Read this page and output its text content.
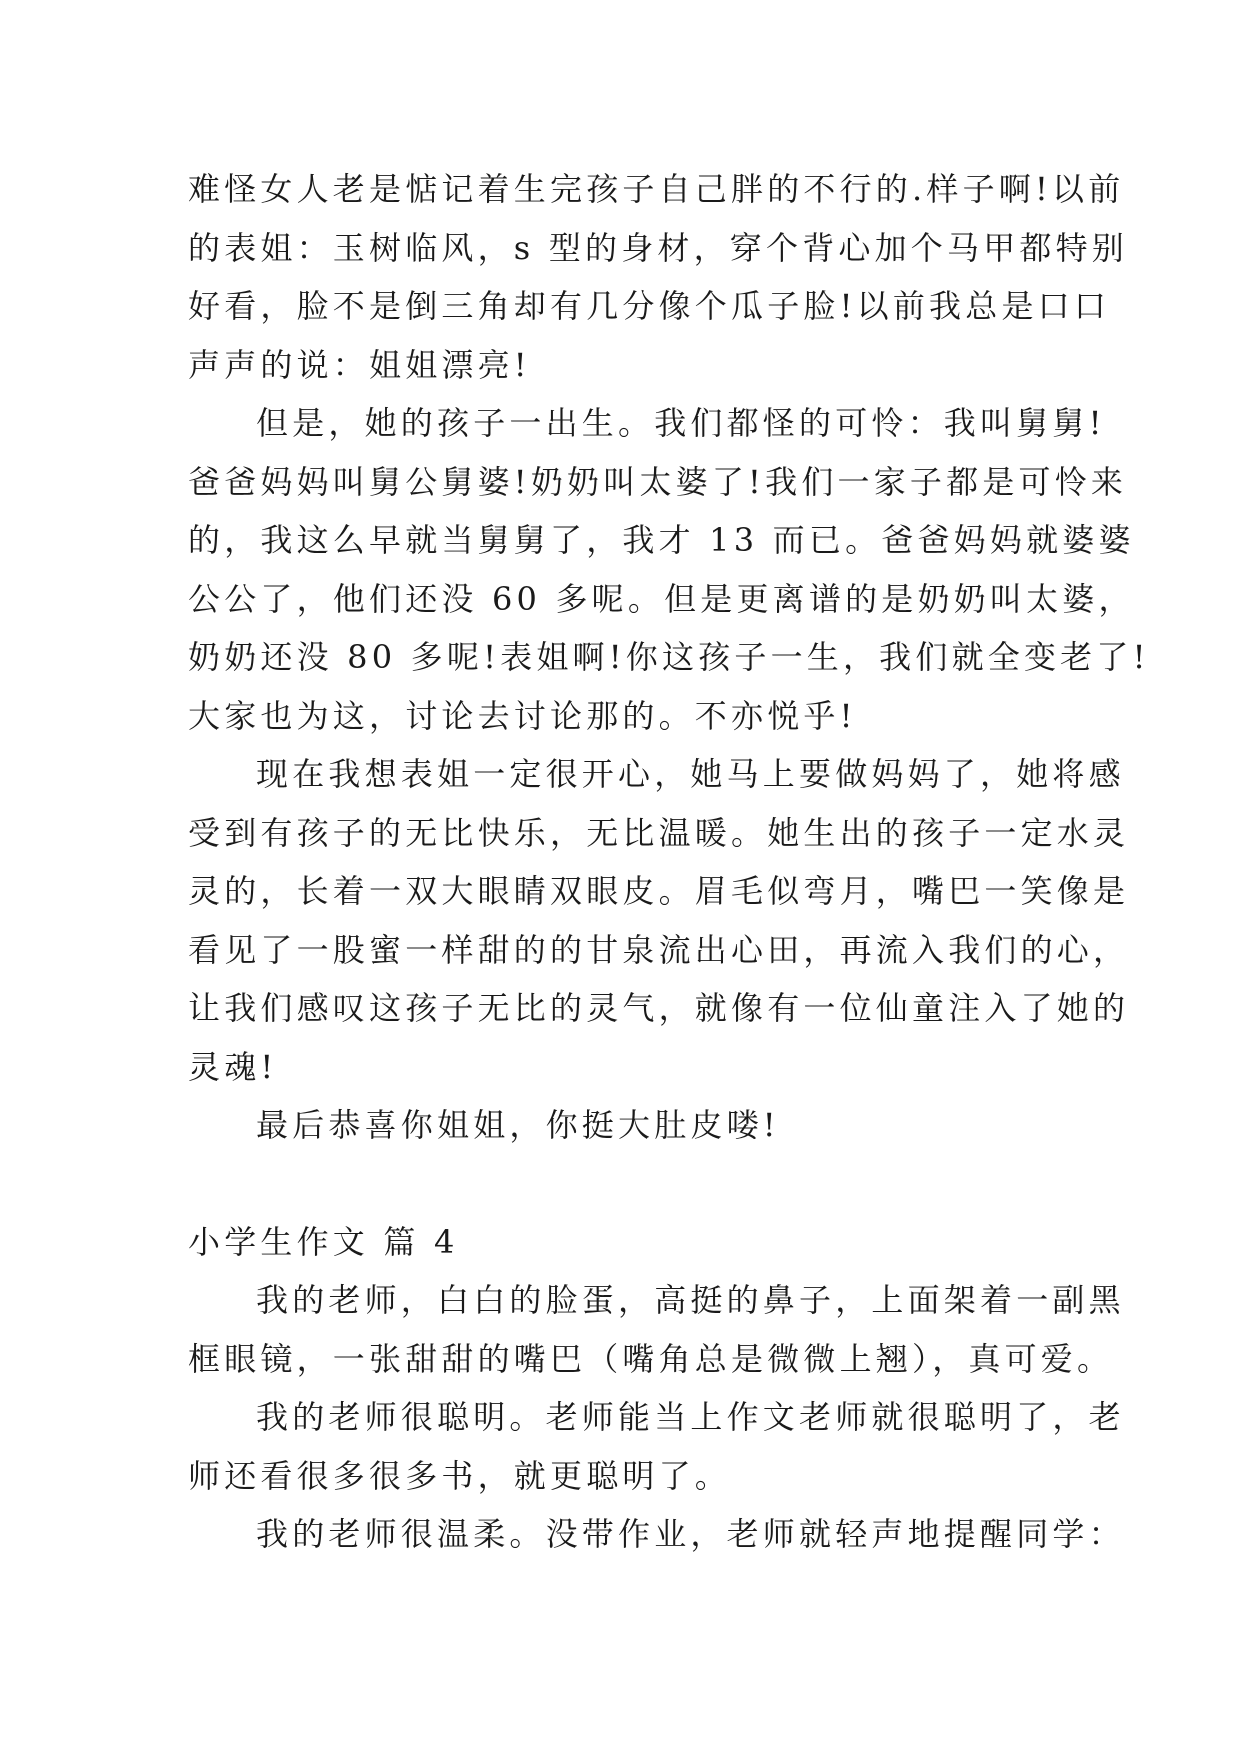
难怪女人老是惦记着生完孩子自己胖的不行的.样子啊!以前
的表姐：玉树临风，s 型的身材，穿个背心加个马甲都特别
好看，脸不是倒三角却有几分像个瓜子脸!以前我总是口口
声声的说：姐姐漂亮!
但是，她的孩子一出生。我们都怪的可怜：我叫舅舅!
爸爸妈妈叫舅公舅婆!奶奶叫太婆了!我们一家子都是可怜来
的，我这么早就当舅舅了，我才 13 而已。爸爸妈妈就婆婆
公公了，他们还没 60 多呢。但是更离谱的是奶奶叫太婆，
奶奶还没 80 多呢!表姐啊!你这孩子一生，我们就全变老了!
大家也为这，讨论去讨论那的。不亦悦乎!
现在我想表姐一定很开心，她马上要做妈妈了，她将感
受到有孩子的无比快乐，无比温暖。她生出的孩子一定水灵
灵的，长着一双大眼睛双眼皮。眉毛似弯月，嘴巴一笑像是
看见了一股蜜一样甜的的甘泉流出心田，再流入我们的心，
让我们感叹这孩子无比的灵气，就像有一位仙童注入了她的
灵魂!
最后恭喜你姐姐，你挺大肚皮喽!
小学生作文 篇 4
我的老师，白白的脸蛋，高挺的鼻子，上面架着一副黑
框眼镜，一张甜甜的嘴巴（嘴角总是微微上翘），真可爱。
我的老师很聪明。老师能当上作文老师就很聪明了，老
师还看很多很多书，就更聪明了。
我的老师很温柔。没带作业，老师就轻声地提醒同学：
